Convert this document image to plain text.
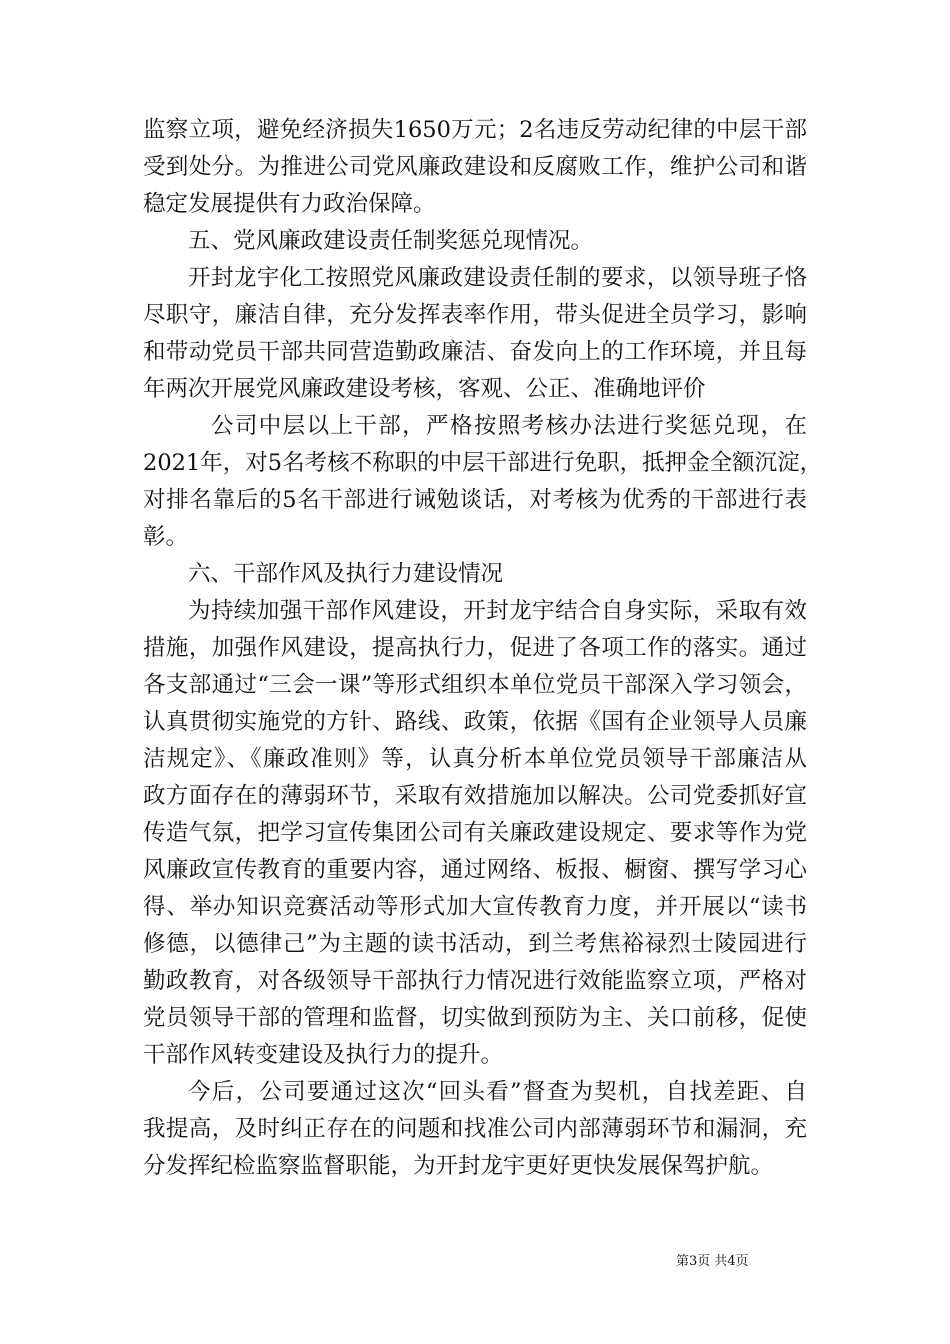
监察立项，避免经济损失1650万元；2名违反劳动纪律的中层干部
受到处分。为推进公司党风廉政建设和反腐败工作，维护公司和谐
稳定发展提供有力政治保障。
五、党风廉政建设责任制奖惩兑现情况。
开封龙宇化工按照党风廉政建设责任制的要求，以领导班子恪
尽职守，廉洁自律，充分发挥表率作用，带头促进全员学习，影响
和带动党员干部共同营造勤政廉洁、奋发向上的工作环境，并且每
年两次开展党风廉政建设考核，客观、公正、准确地评价
公司中层以上干部，严格按照考核办法进行奖惩兑现，在
2021年，对5名考核不称职的中层干部进行免职，抵押金全额沉淀，
对排名靠后的5名干部进行诫勉谈话，对考核为优秀的干部进行表
彰。
六、干部作风及执行力建设情况
为持续加强干部作风建设，开封龙宇结合自身实际，采取有效
措施，加强作风建设，提高执行力，促进了各项工作的落实。通过
各支部通过“三会一课”等形式组织本单位党员干部深入学习领会，
认真贯彻实施党的方针、路线、政策，依据《国有企业领导人员廉
洁规定》、《廉政准则》等，认真分析本单位党员领导干部廉洁从
政方面存在的薄弱环节，采取有效措施加以解决。公司党委抓好宣
传造气氛，把学习宣传集团公司有关廉政建设规定、要求等作为党
风廉政宣传教育的重要内容，通过网络、板报、橱窗、撰写学习心
得、举办知识竞赛活动等形式加大宣传教育力度，并开展以“读书
修德，以德律己”为主题的读书活动，到兰考焦裕禄烈士陵园进行
勤政教育，对各级领导干部执行力情况进行效能监察立项，严格对
党员领导干部的管理和监督，切实做到预防为主、关口前移，促使
干部作风转变建设及执行力的提升。
今后，公司要通过这次“回头看”督查为契机，自找差距、自
我提高，及时纠正存在的问题和找准公司内部薄弱环节和漏洞，充
分发挥纪检监察监督职能，为开封龙宇更好更快发展保驾护航。
第3页 共4页
